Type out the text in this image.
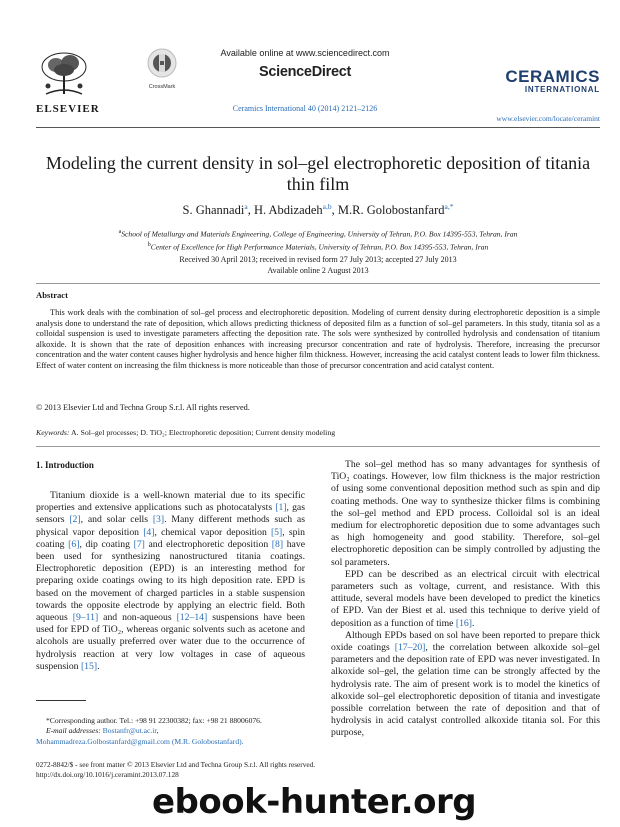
ELSEVIER
CrossMark
Available online at www.sciencedirect.com
ScienceDirect
Ceramics International 40 (2014) 2121–2126
CERAMICS
INTERNATIONAL
www.elsevier.com/locate/ceramint
Modeling the current density in sol–gel electrophoretic deposition of titania thin film
S. Ghannadi$^a$, H. Abdizadeh$^{a,b}$, M.R. Golobostanfard$^{a,*}$
$^a$School of Metallurgy and Materials Engineering, College of Engineering, University of Tehran, P.O. Box 14395-553, Tehran, Iran
$^b$Center of Excellence for High Performance Materials, University of Tehran, P.O. Box 14395-553, Tehran, Iran
Received 30 April 2013; received in revised form 27 July 2013; accepted 27 July 2013
Available online 2 August 2013
Abstract
This work deals with the combination of sol–gel process and electrophoretic deposition. Modeling of current density during electrophoretic deposition is a simple analysis done to understand the rate of deposition, which allows predicting thickness of deposited film as a function of sol–gel parameters. In this study, titania sol as a colloidal suspension is used to investigate parameters affecting the deposition rate. The sols were synthesized by controlled hydrolysis and condensation of titanium alkoxide. It is shown that the rate of deposition enhances with increasing precursor concentration and rate of hydrolysis. Therefore, increasing the precursor concentration and the water content causes higher hydrolysis and hence higher film thickness. However, increasing the acid catalyst content leads to lower film thickness. Effect of water content on increasing the film thickness is more noticeable than those of precursor concentration and acid catalyst content.
© 2013 Elsevier Ltd and Techna Group S.r.l. All rights reserved.
Keywords: A. Sol–gel processes; D. TiO₂; Electrophoretic deposition; Current density modeling
1. Introduction

Titanium dioxide is a well-known material due to its specific properties and extensive applications such as photocatalysts [1], gas sensors [2], and solar cells [3]. Many different methods such as physical vapor deposition [4], chemical vapor deposition [5], spin coating [6], dip coating [7] and electrophoretic deposition [8] have been used for synthesizing nanostructured titania coatings. Electrophoretic deposition (EPD) is an interesting method for preparing oxide coatings owing to its high deposition rate. EPD is based on the movement of charged particles in a stable suspension towards the opposite electrode by applying an electric field. Both aqueous [9–11] and non-aqueous [12–14] suspensions have been used for EPD of TiO₂, whereas organic solvents such as acetone and alcohols are usually preferred over water due to the occurrence of hydrolysis reaction at very low voltages in case of aqueous suspension [15].

The sol–gel method has so many advantages for synthesis of TiO₂ coatings. However, low film thickness is the major restriction of using some conventional deposition method such as spin and dip coating methods. One way to synthesize thicker films is combining the sol–gel method and EPD process. Colloidal sol is an ideal medium for electrophoretic deposition due to some advantages such as high homogeneity and good stability. Therefore, sol–gel electrophoretic deposition can be simply controlled by adjusting the sol parameters.

EPD can be described as an electrical circuit with electrical parameters such as voltage, current, and resistance. With this attitude, several models have been developed to predict the kinetics of EPD. Van der Biest et al. used this technique to derive yield of deposition as a function of time [16].

Although EPDs based on sol have been reported to prepare thick oxide coatings [17–20], the correlation between alkoxide sol–gel parameters and the deposition rate of EPD was never investigated. In alkoxide sol–gel, the gelation time can be strongly affected by the hydrolysis rate. The aim of present work is to model the kinetics of alkoxide sol–gel electrophoretic deposition of titania and investigate possible correlation between the rate of deposition and that of hydrolysis in acid catalyst controlled alkoxide titania sol. For this purpose,

*Corresponding author. Tel.: +98 91 22300382; fax: +98 21 88006076.
E-mail addresses: Bostanfr@ut.ac.ir,
Mohammadreza.Golbostanfard@gmail.com (M.R. Golobostanfard).
0272-8842/$ - see front matter © 2013 Elsevier Ltd and Techna Group S.r.l. All rights reserved.
http://dx.doi.org/10.1016/j.ceramint.2013.07.128
ebook-hunter.org
